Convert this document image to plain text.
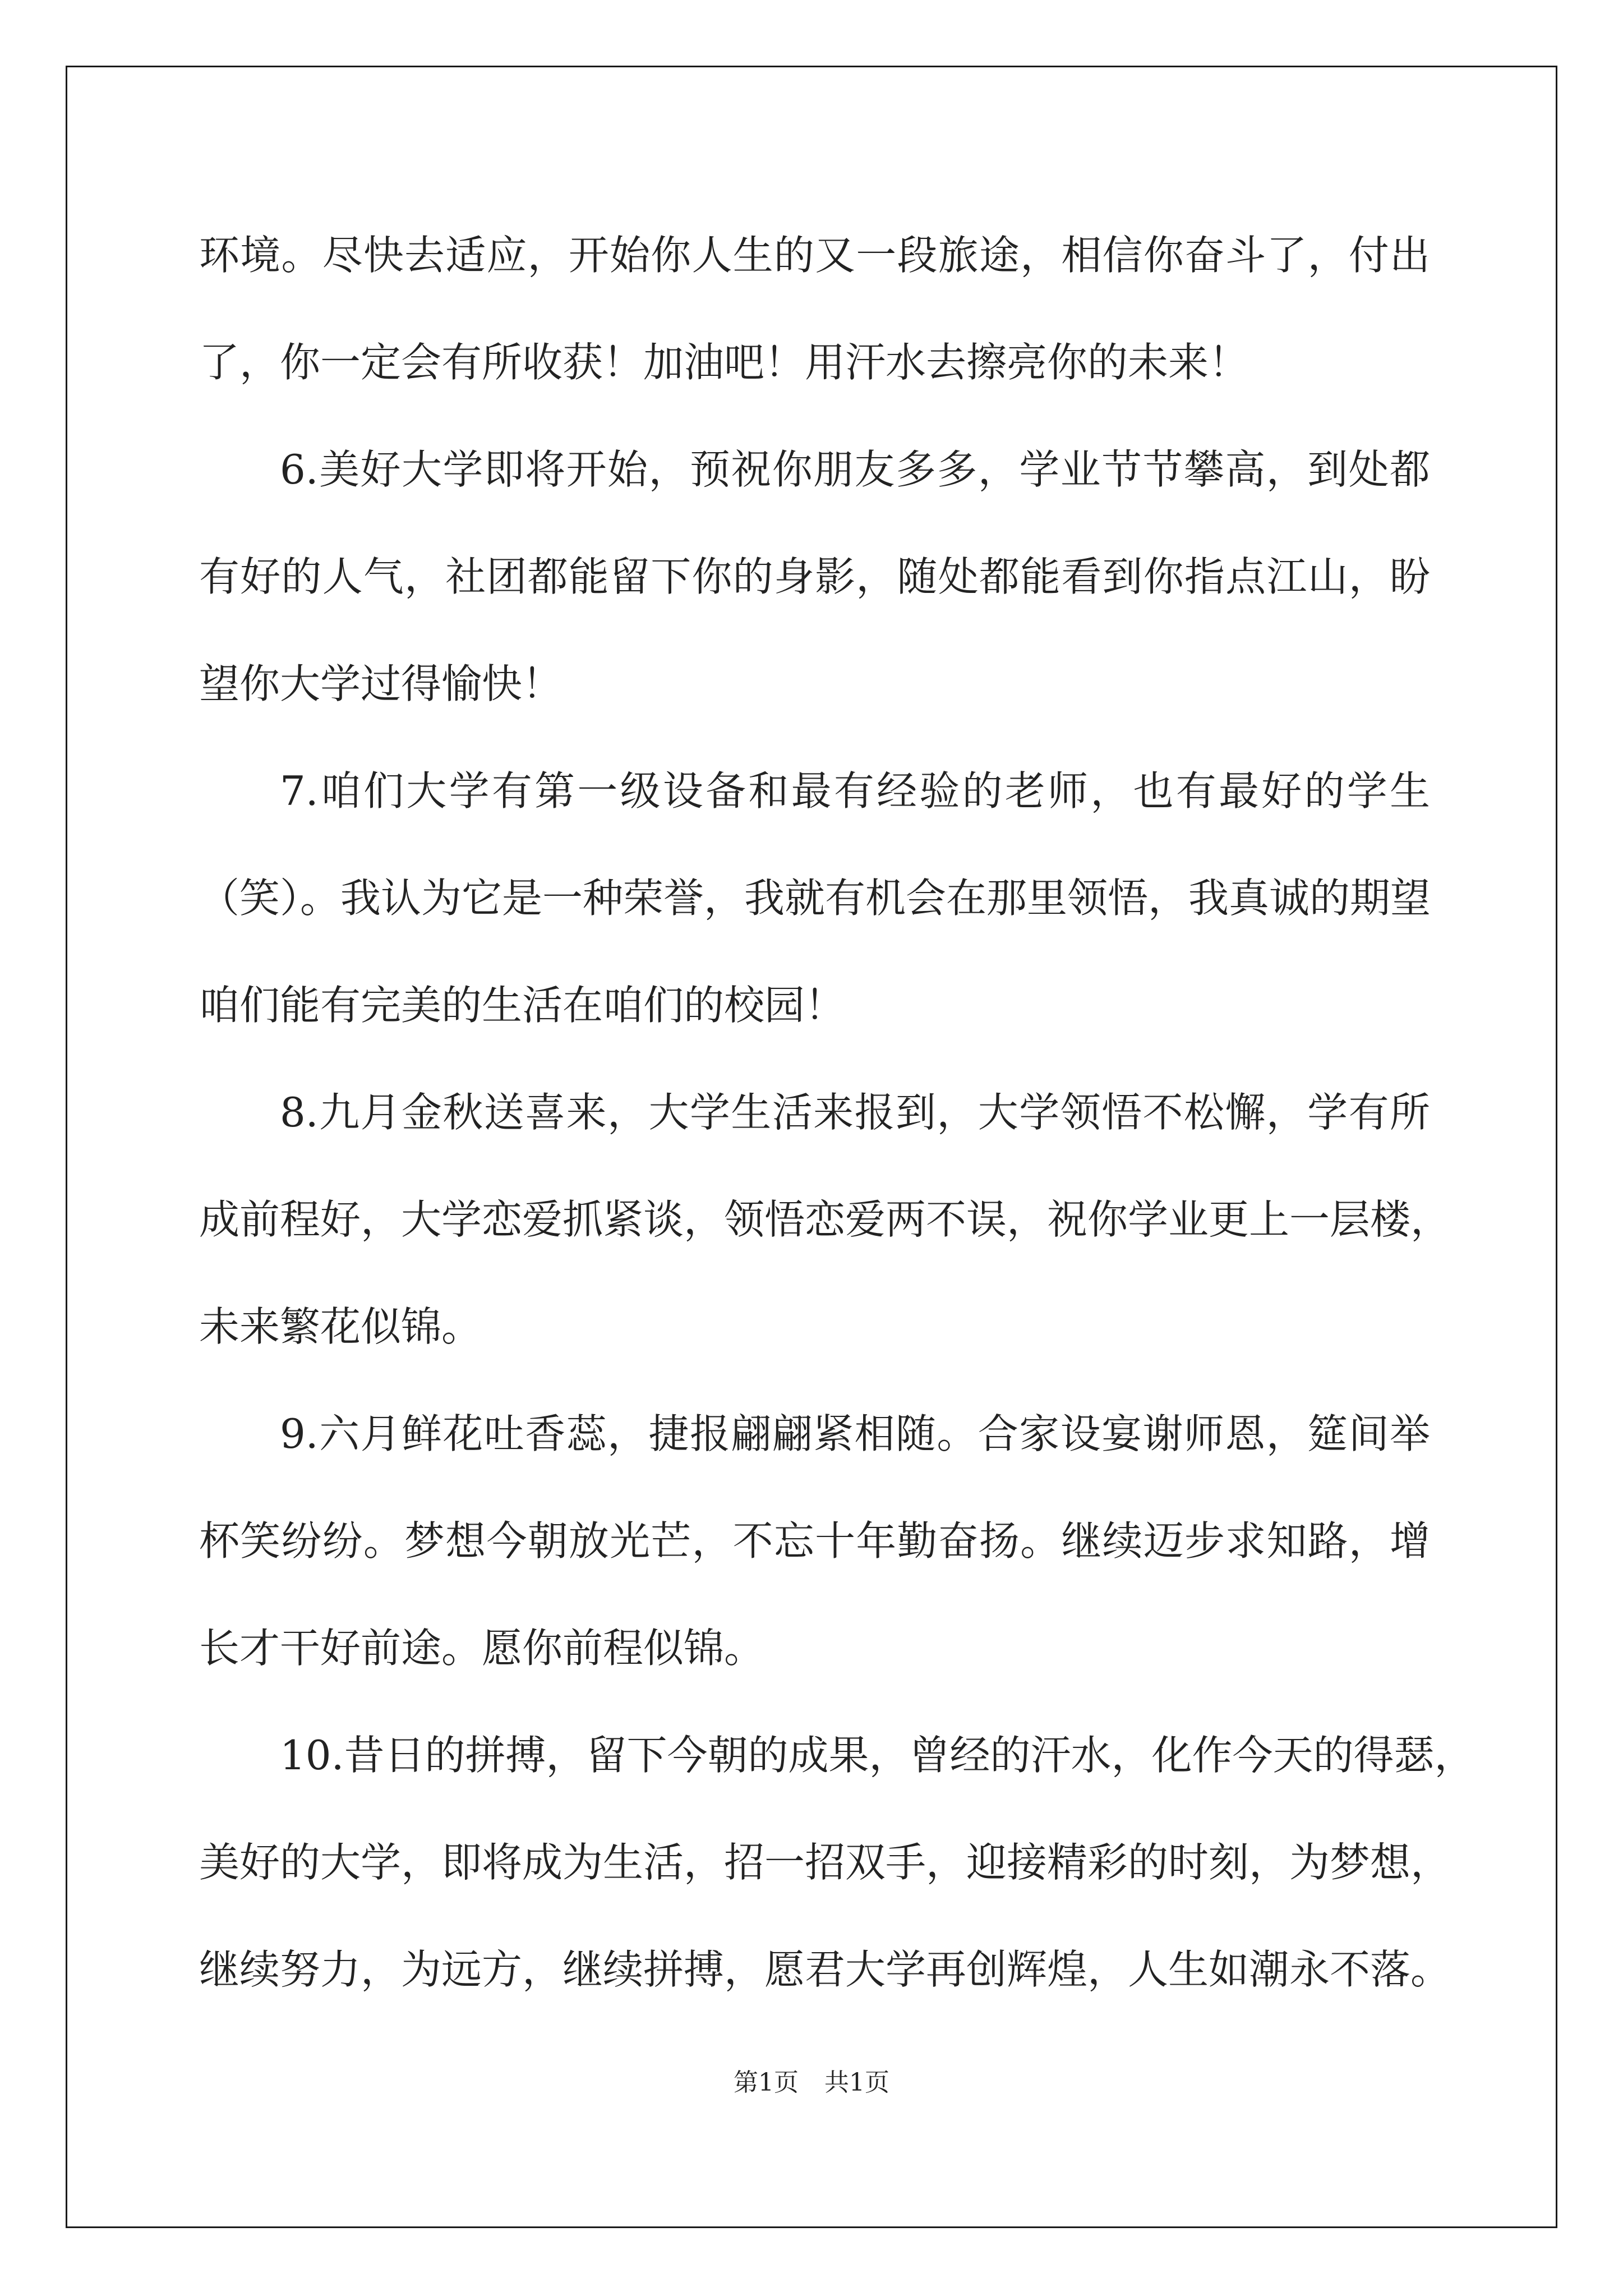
环境。尽快去适应，开始你人生的又一段旅途，相信你奋斗了，付出
了，你一定会有所收获！加油吧！用汗水去擦亮你的未来！
6.美好大学即将开始，预祝你朋友多多，学业节节攀高，到处都
有好的人气，社团都能留下你的身影，随处都能看到你指点江山，盼
望你大学过得愉快！
7.咱们大学有第一级设备和最有经验的老师，也有最好的学生
（笑）。我认为它是一种荣誉，我就有机会在那里领悟，我真诚的期望
咱们能有完美的生活在咱们的校园！
8.九月金秋送喜来，大学生活来报到，大学领悟不松懈，学有所
成前程好，大学恋爱抓紧谈，领悟恋爱两不误，祝你学业更上一层楼，
未来繁花似锦。
9.六月鲜花吐香蕊，捷报翩翩紧相随。合家设宴谢师恩，筵间举
杯笑纷纷。梦想今朝放光芒，不忘十年勤奋扬。继续迈步求知路，增
长才干好前途。愿你前程似锦。
10.昔日的拼搏，留下今朝的成果，曾经的汗水，化作今天的得瑟，
美好的大学，即将成为生活，招一招双手，迎接精彩的时刻，为梦想，
继续努力，为远方，继续拼搏，愿君大学再创辉煌，人生如潮永不落。
第1页 共1页
